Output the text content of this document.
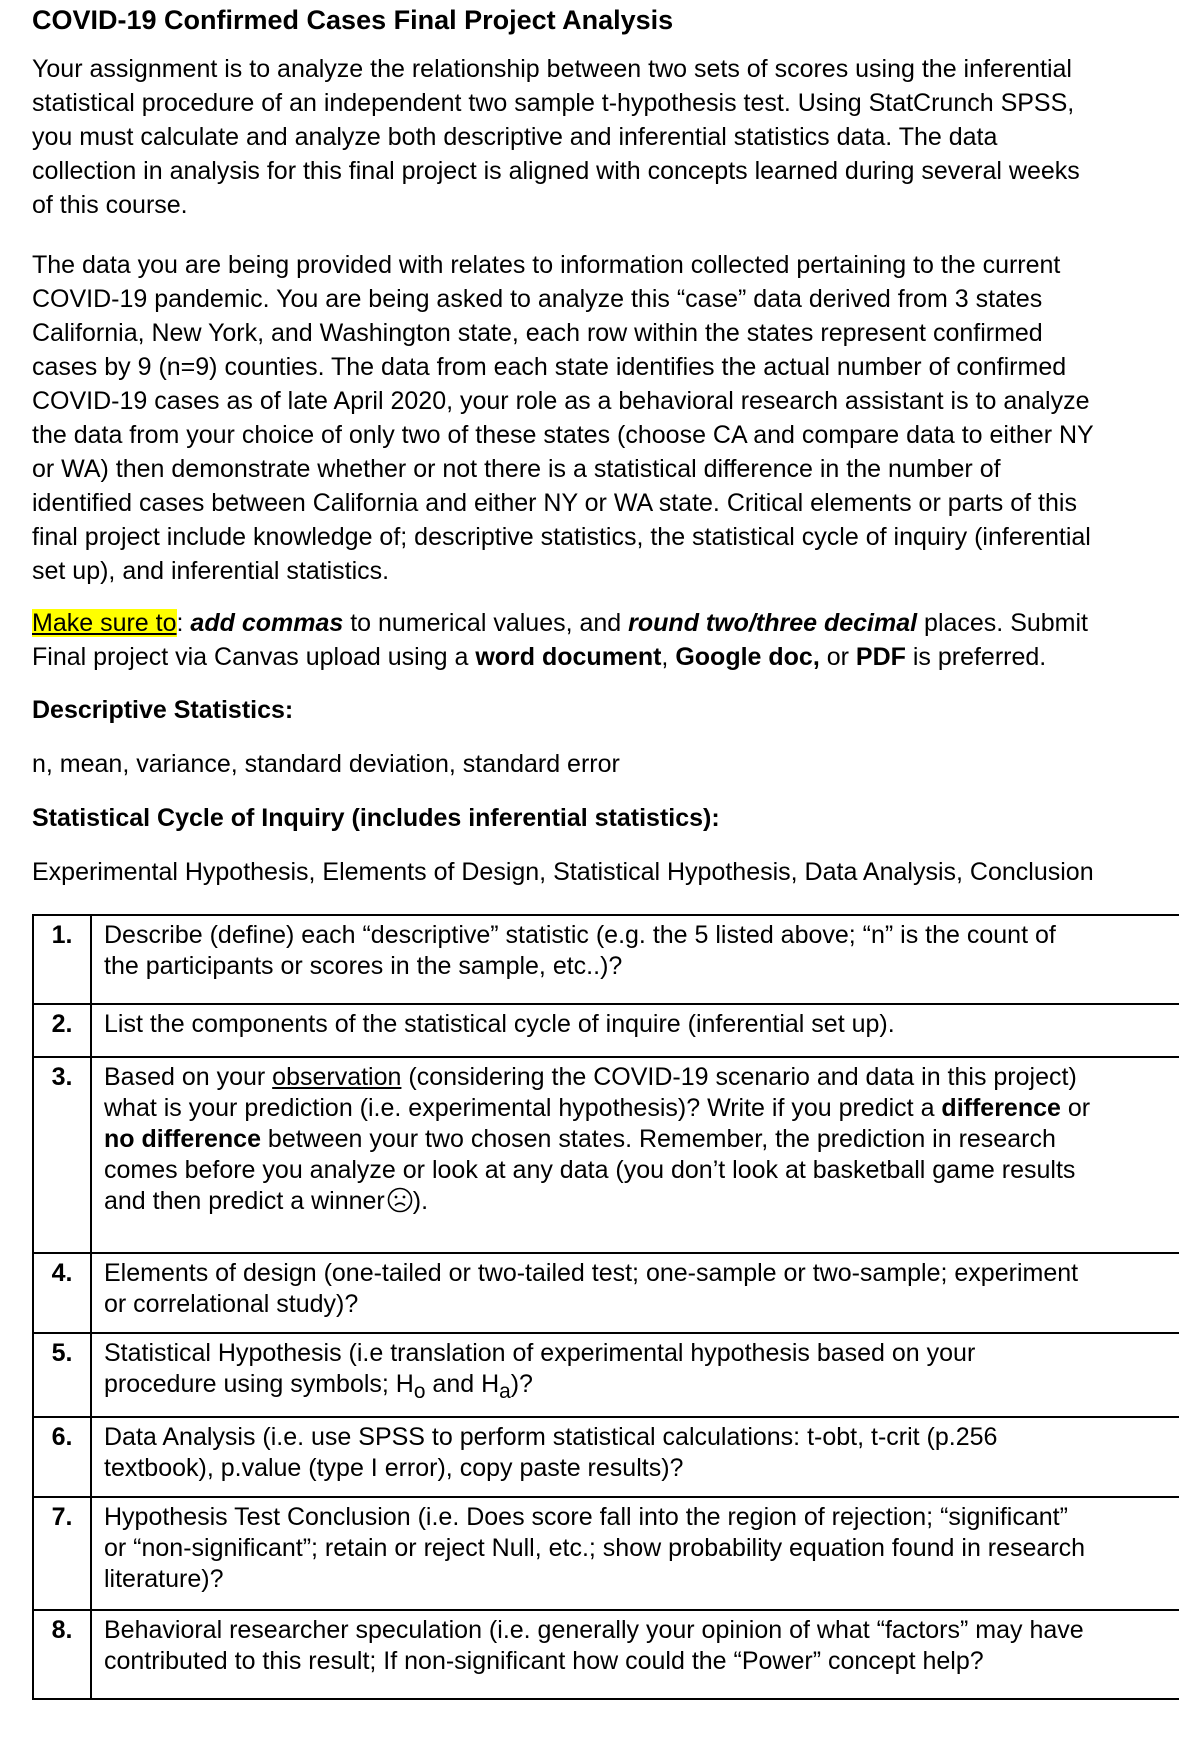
COVID-19 Confirmed Cases Final Project Analysis

Your assignment is to analyze the relationship between two sets of scores using the inferential
statistical procedure of an independent two sample t-hypothesis test. Using StatCrunch SPSS,
you must calculate and analyze both descriptive and inferential statistics data. The data
collection in analysis for this final project is aligned with concepts learned during several weeks
of this course.

The data you are being provided with relates to information collected pertaining to the current
COVID-19 pandemic. You are being asked to analyze this “case” data derived from 3 states
California, New York, and Washington state, each row within the states represent confirmed
cases by 9 (n=9) counties. The data from each state identifies the actual number of confirmed
COVID-19 cases as of late April 2020, your role as a behavioral research assistant is to analyze
the data from your choice of only two of these states (choose CA and compare data to either NY
or WA) then demonstrate whether or not there is a statistical difference in the number of
identified cases between California and either NY or WA state. Critical elements or parts of this
final project include knowledge of; descriptive statistics, the statistical cycle of inquiry (inferential
set up), and inferential statistics.

Make sure to: add commas to numerical values, and round two/three decimal places. Submit
Final project via Canvas upload using a word document, Google doc, or PDF is preferred.

Descriptive Statistics:

n, mean, variance, standard deviation, standard error

Statistical Cycle of Inquiry (includes inferential statistics):

Experimental Hypothesis, Elements of Design, Statistical Hypothesis, Data Analysis, Conclusion

1.	Describe (define) each “descriptive” statistic (e.g. the 5 listed above; “n” is the count of
the participants or scores in the sample, etc..)?

2.	List the components of the statistical cycle of inquire (inferential set up).

3.	Based on your observation (considering the COVID-19 scenario and data in this project)
what is your prediction (i.e. experimental hypothesis)? Write if you predict a difference or
no difference between your two chosen states. Remember, the prediction in research
comes before you analyze or look at any data (you don’t look at basketball game results
and then predict a winner ).

4.	Elements of design (one-tailed or two-tailed test; one-sample or two-sample; experiment
or correlational study)?

5.	Statistical Hypothesis (i.e translation of experimental hypothesis based on your
procedure using symbols; $H_o$ and $H_a$)?

6.	Data Analysis (i.e. use SPSS to perform statistical calculations: t-obt, t-crit (p.256
textbook), p.value (type I error), copy paste results)?

7.	Hypothesis Test Conclusion (i.e. Does score fall into the region of rejection; “significant”
or “non-significant”; retain or reject Null, etc.; show probability equation found in research
literature)?

8.	Behavioral researcher speculation (i.e. generally your opinion of what “factors” may have
contributed to this result; If non-significant how could the “Power” concept help?
